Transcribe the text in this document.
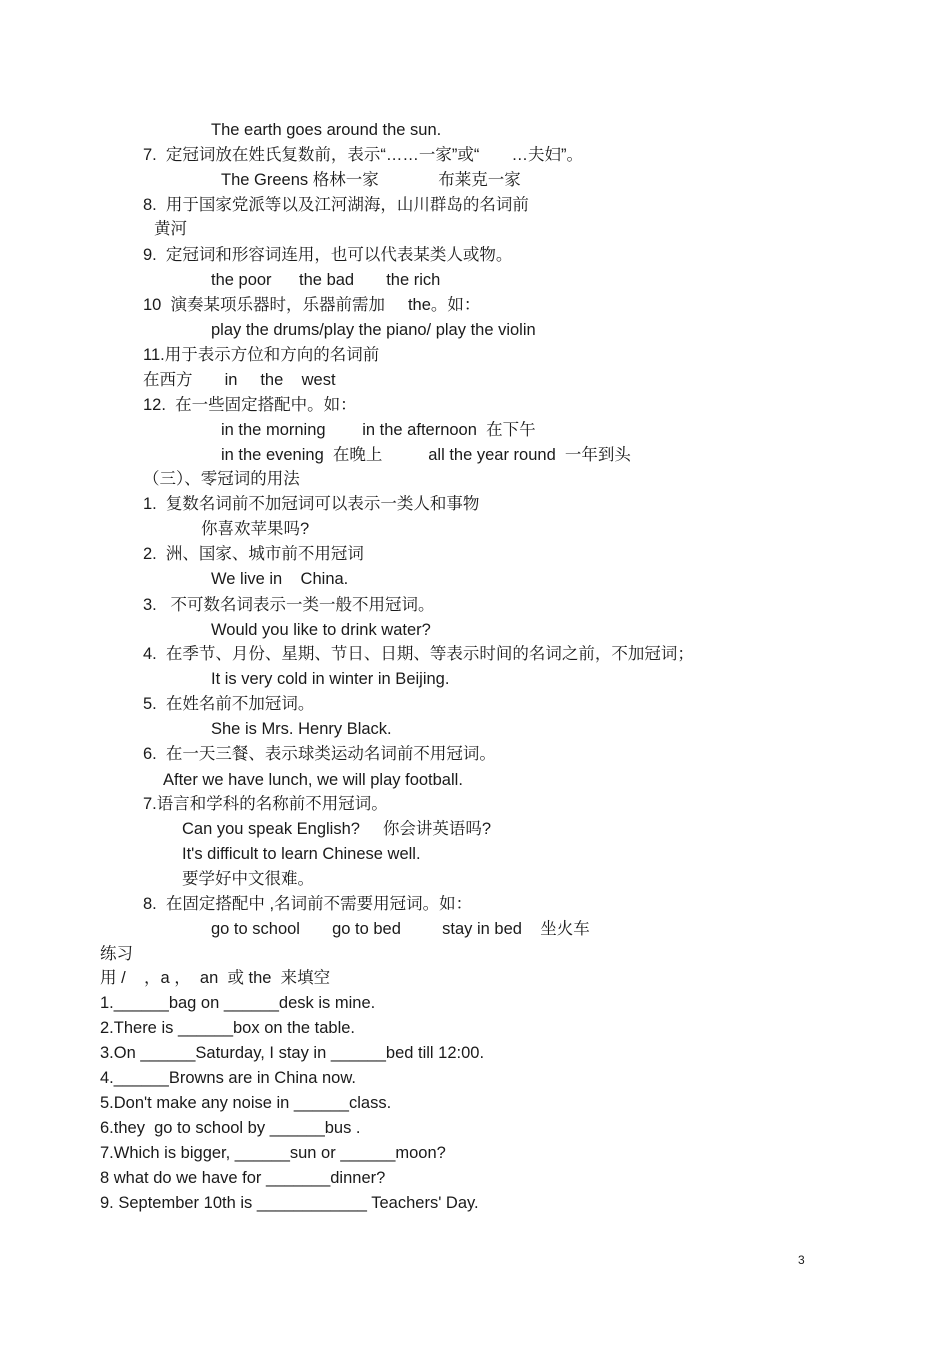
The earth goes around the sun.
7.  定冠词放在姓氏复数前，表示“……一家”或“       …夫妇”。
The Greens 格林一家             布莱克一家
8.  用于国家党派等以及江河湖海，山川群岛的名词前
黄河
9.  定冠词和形容词连用，也可以代表某类人或物。
the poor      the bad       the rich
10  演奏某项乐器时，乐器前需加     the。如：
play the drums/play the piano/ play the violin
11.用于表示方位和方向的名词前
在西方       in     the    west
12.  在一些固定搭配中。如：
in the morning        in the afternoon  在下午
in the evening  在晚上          all the year round  一年到头
（三）、零冠词的用法
1.  复数名词前不加冠词可以表示一类人和事物
你喜欢苹果吗?
2.  洲、国家、城市前不用冠词
We live in    China.
3.   不可数名词表示一类一般不用冠词。
Would you like to drink water?
4.  在季节、月份、星期、节日、日期、等表示时间的名词之前，不加冠词；
It is very cold in winter in Beijing.
5.  在姓名前不加冠词。
She is Mrs. Henry Black.
6.  在一天三餐、表示球类运动名词前不用冠词。
After we have lunch, we will play football.
7.语言和学科的名称前不用冠词。
Can you speak English?     你会讲英语吗?
It's difficult to learn Chinese well.
要学好中文很难。
8.  在固定搭配中 ,名词前不需要用冠词。如：
go to school       go to bed         stay in bed    坐火车
练习
用 /    ，a ，  an  或 the  来填空
1.______bag on ______desk is mine.
2.There is ______box on the table.
3.On ______Saturday, I stay in ______bed till 12:00.
4.______Browns are in China now.
5.Don't make any noise in ______class.
6.they  go to school by ______bus .
7.Which is bigger, ______sun or ______moon?
8 what do we have for _______dinner?
9. September 10th is ____________ Teachers' Day.
3
